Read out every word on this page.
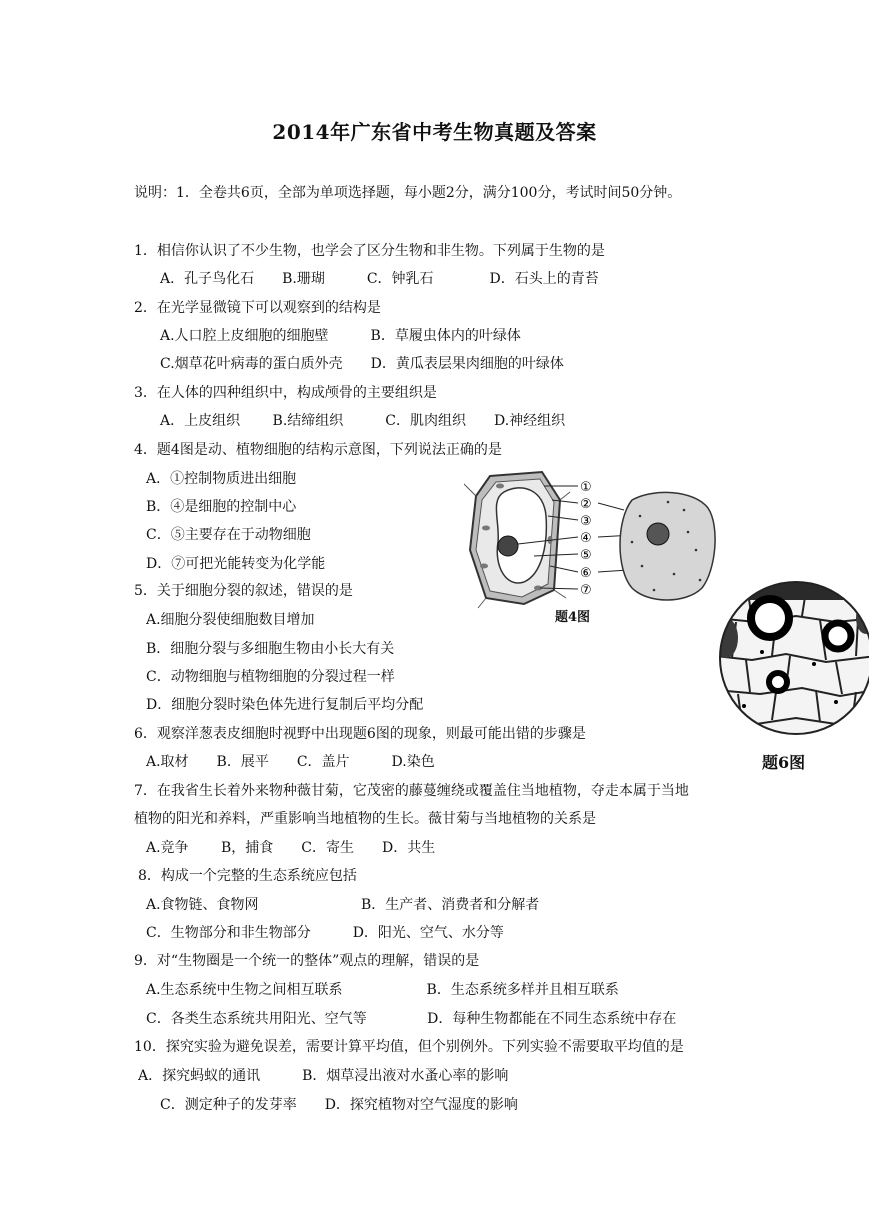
2014年广东省中考生物真题及答案
说明：1．全卷共6页，全部为单项选择题，每小题2分，满分100分，考试时间50分钟。
1．相信你认识了不少生物，也学会了区分生物和非生物。下列属于生物的是
A．孔子鸟化石　　B.珊瑚　　　C．钟乳石　　　　D．石头上的青苔
2．在光学显微镜下可以观察到的结构是
A.人口腔上皮细胞的细胞壁　　　B．草履虫体内的叶绿体
C.烟草花叶病毒的蛋白质外壳　　D．黄瓜表层果肉细胞的叶绿体
3．在人体的四种组织中，构成颅骨的主要组织是
A．上皮组织　　 B.结缔组织　　　C．肌肉组织　　D.神经组织
4．题4图是动、植物细胞的结构示意图，下列说法正确的是
A．①控制物质进出细胞
B．④是细胞的控制中心
C．⑤主要存在于动物细胞
D．⑦可把光能转变为化学能
①
②
③
④
⑤
⑥
⑦
题4图
题6图
5．关于细胞分裂的叙述，错误的是
A.细胞分裂使细胞数目增加
B．细胞分裂与多细胞生物由小长大有关
C．动物细胞与植物细胞的分裂过程一样
D．细胞分裂时染色体先进行复制后平均分配
6．观察洋葱表皮细胞时视野中出现题6图的现象，则最可能出错的步骤是
A.取材　　B．展平　　C．盖片　　　D.染色
7．在我省生长着外来物种薇甘菊，它茂密的藤蔓缠绕或覆盖住当地植物，夺走本属于当地
植物的阳光和养料，严重影响当地植物的生长。薇甘菊与当地植物的关系是
A.竞争　　 B，捕食　　C．寄生　　D．共生
8．构成一个完整的生态系统应包括
A.食物链、食物网　　　　　　　 B．生产者、消费者和分解者
C．生物部分和非生物部分　　　D．阳光、空气、水分等
9．对“生物圈是一个统一的整体”观点的理解，错误的是
A.生态系统中生物之间相互联系　　　　　　B．生态系统多样并且相互联系
C．各类生态系统共用阳光、空气等　　　　 D．每种生物都能在不同生态系统中存在
10．探究实验为避免误差，需要计算平均值，但个别例外。下列实验不需要取平均值的是
A．探究蚂蚁的通讯　　　B．烟草浸出液对水蚤心率的影响
C．测定种子的发芽率　　D．探究植物对空气湿度的影响
